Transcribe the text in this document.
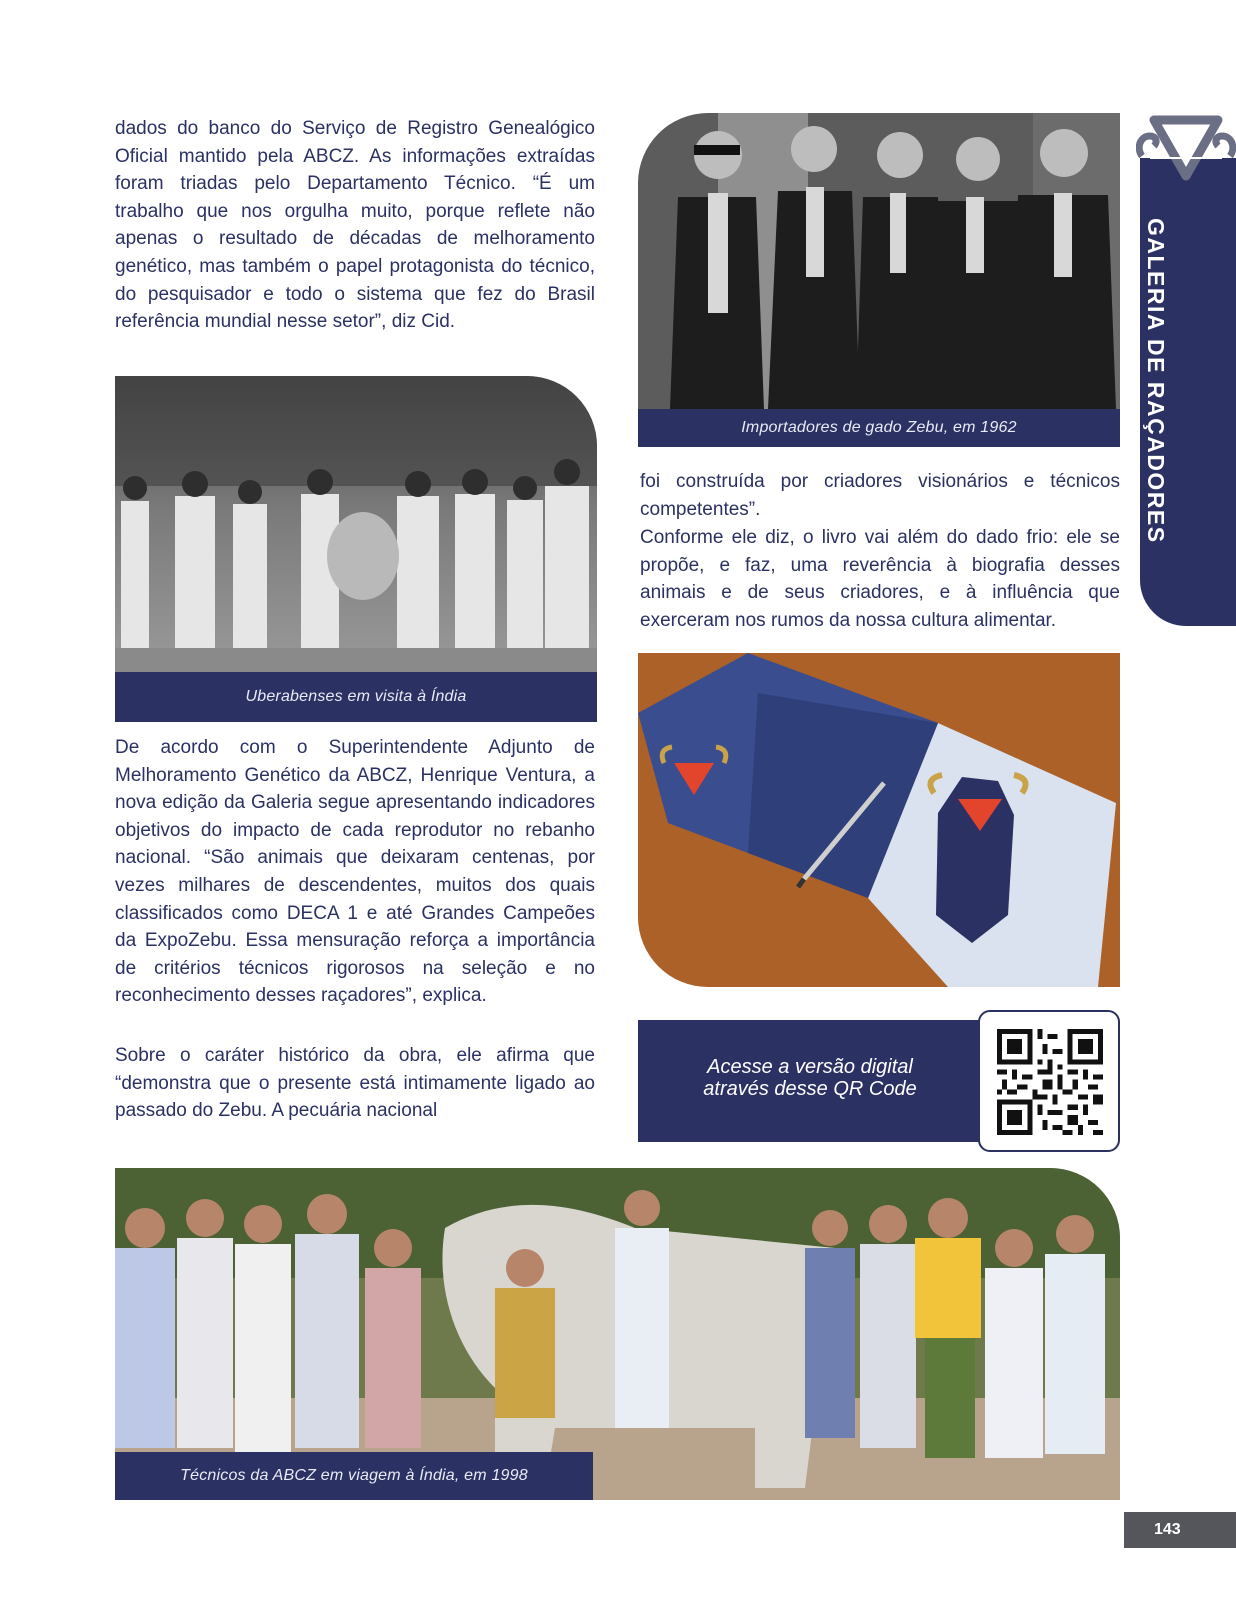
GALERIA DE RAÇADORES

dados do banco do Serviço de Registro Genealógico Oficial mantido pela ABCZ. As informações extraídas foram triadas pelo Departamento Técnico. “É um trabalho que nos orgulha muito, porque reflete não apenas o resultado de décadas de melhoramento genético, mas também o papel protagonista do técnico, do pesquisador e todo o sistema que fez do Brasil referência mundial nesse setor”, diz Cid.

Uberabenses em visita à Índia

De acordo com o Superintendente Adjunto de Melhoramento Genético da ABCZ, Henrique Ventura, a nova edição da Galeria segue apresentando indicadores objetivos do impacto de cada reprodutor no rebanho nacional. “São animais que deixaram centenas, por vezes milhares de descendentes, muitos dos quais classificados como DECA 1 e até Grandes Campeões da ExpoZebu. Essa mensuração reforça a importância de critérios técnicos rigorosos na seleção e no reconhecimento desses raçadores”, explica.

Sobre o caráter histórico da obra, ele afirma que “demonstra que o presente está intimamente ligado ao passado do Zebu. A pecuária nacional

Importadores de gado Zebu, em 1962

foi construída por criadores visionários e técnicos competentes”.

Conforme ele diz, o livro vai além do dado frio: ele se propõe, e faz, uma reverência à biografia desses animais e de seus criadores, e à influência que exerceram nos rumos da nossa cultura alimentar.

Acesse a versão digital
através desse QR Code
Técnicos da ABCZ em viagem à Índia, em 1998
143
